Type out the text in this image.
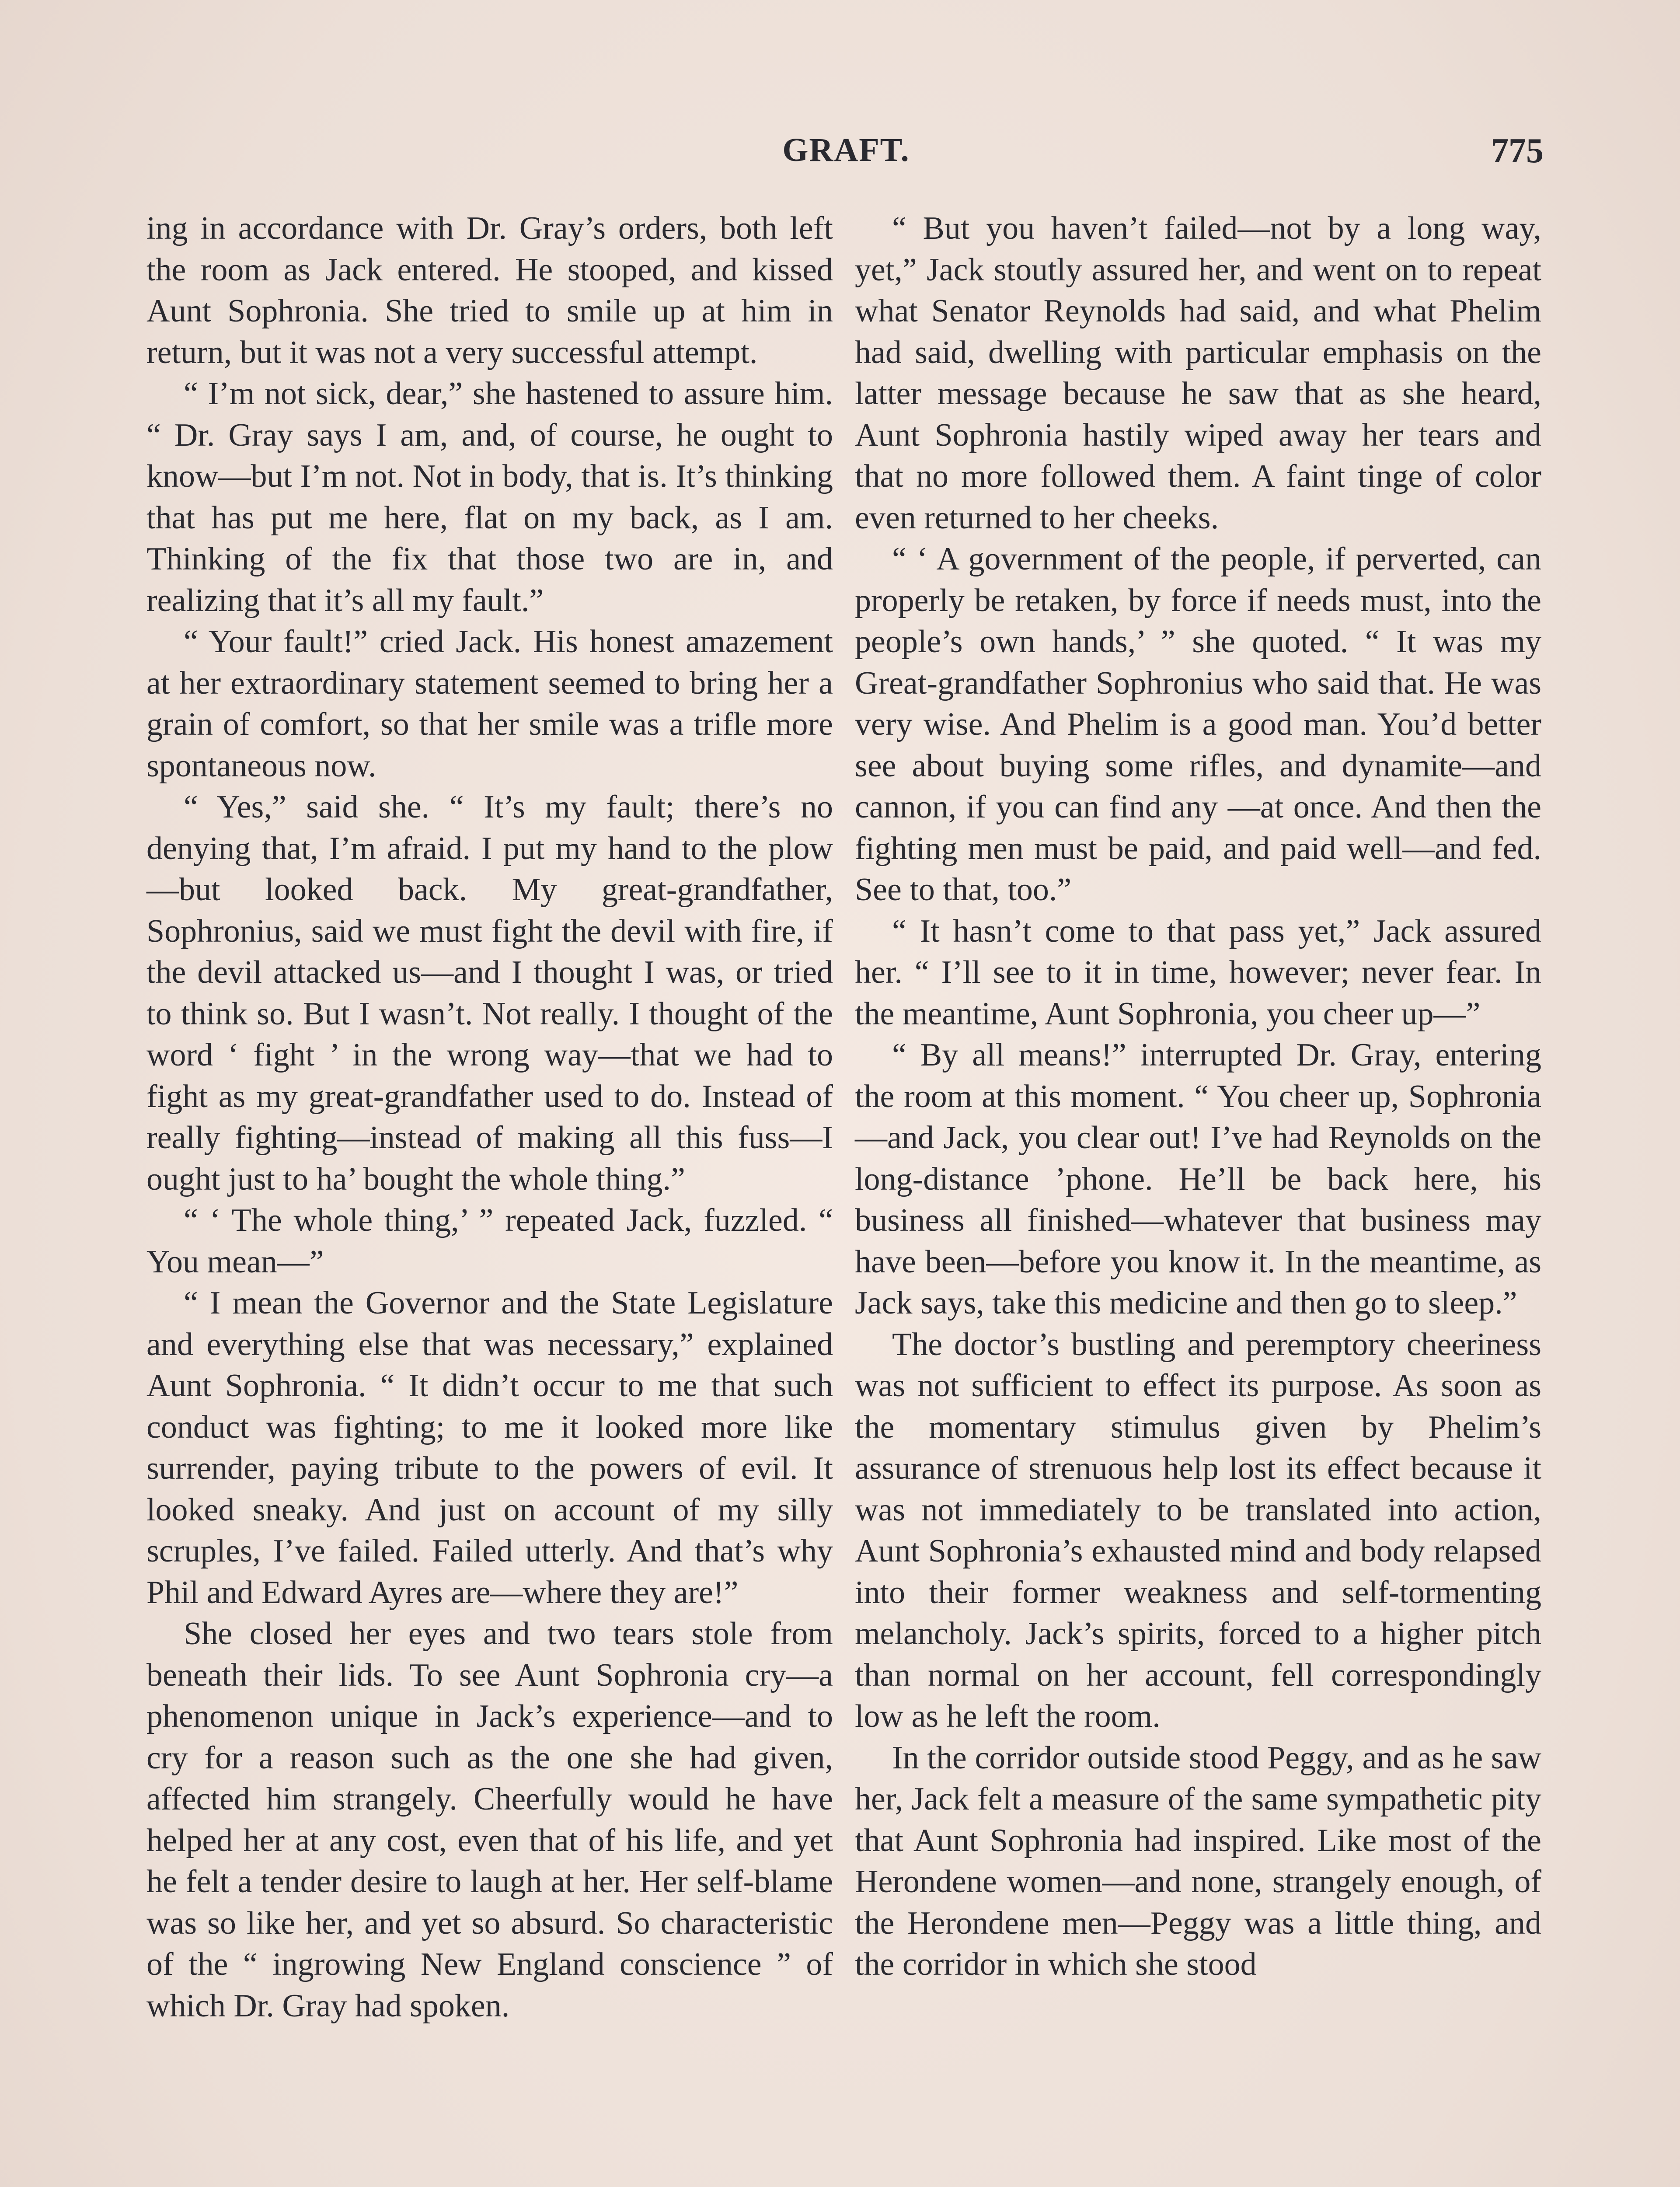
GRAFT.	775

ing in accordance with Dr. Gray’s orders, both left the room as Jack entered. He stooped, and kissed Aunt Sophronia. She tried to smile up at him in return, but it was not a very successful attempt.

“ I’m not sick, dear,” she hastened to assure him. “ Dr. Gray says I am, and, of course, he ought to know—but I’m not. Not in body, that is. It’s thinking that has put me here, flat on my back, as I am. Thinking of the fix that those two are in, and realizing that it’s all my fault.”

“ Your fault!” cried Jack. His honest amazement at her extraordinary statement seemed to bring her a grain of comfort, so that her smile was a trifle more spontaneous now.

“ Yes,” said she. “ It’s my fault; there’s no denying that, I’m afraid. I put my hand to the plow—but looked back. My great-grandfather, Sophronius, said we must fight the devil with fire, if the devil attacked us—and I thought I was, or tried to think so. But I wasn’t. Not really. I thought of the word ‘ fight ’ in the wrong way—that we had to fight as my great-grandfather used to do. Instead of really fighting—instead of making all this fuss—I ought just to ha’ bought the whole thing.”

“ ‘ The whole thing,’ ” repeated Jack, fuzzled. “ You mean—”

“ I mean the Governor and the State Legislature and everything else that was necessary,” explained Aunt Sophronia. “ It didn’t occur to me that such conduct was fighting; to me it looked more like surrender, paying tribute to the powers of evil. It looked sneaky. And just on account of my silly scruples, I’ve failed. Failed utterly. And that’s why Phil and Edward Ayres are—where they are!”

She closed her eyes and two tears stole from beneath their lids. To see Aunt Sophronia cry—a phenomenon unique in Jack’s experience—and to cry for a reason such as the one she had given, affected him strangely. Cheerfully would he have helped her at any cost, even that of his life, and yet he felt a tender desire to laugh at her. Her self-blame was so like her, and yet so absurd. So characteristic of the “ ingrowing New England conscience ” of which Dr. Gray had spoken.

“ But you haven’t failed—not by a long way, yet,” Jack stoutly assured her, and went on to repeat what Senator Reynolds had said, and what Phelim had said, dwelling with particular emphasis on the latter message because he saw that as she heard, Aunt Sophronia hastily wiped away her tears and that no more followed them. A faint tinge of color even returned to her cheeks.

“ ‘ A government of the people, if perverted, can properly be retaken, by force if needs must, into the people’s own hands,’ ” she quoted. “ It was my Great-grandfather Sophronius who said that. He was very wise. And Phelim is a good man. You’d better see about buying some rifles, and dynamite—and cannon, if you can find any —at once. And then the fighting men must be paid, and paid well—and fed. See to that, too.”

“ It hasn’t come to that pass yet,” Jack assured her. “ I’ll see to it in time, however; never fear. In the meantime, Aunt Sophronia, you cheer up—”

“ By all means!” interrupted Dr. Gray, entering the room at this moment. “ You cheer up, Sophronia—and Jack, you clear out! I’ve had Reynolds on the long-distance ’phone. He’ll be back here, his business all finished—whatever that business may have been—before you know it. In the meantime, as Jack says, take this medicine and then go to sleep.”

The doctor’s bustling and peremptory cheeriness was not sufficient to effect its purpose. As soon as the momentary stimulus given by Phelim’s assurance of strenuous help lost its effect because it was not immediately to be translated into action, Aunt Sophronia’s exhausted mind and body relapsed into their former weakness and self-tormenting melancholy. Jack’s spirits, forced to a higher pitch than normal on her account, fell correspondingly low as he left the room.

In the corridor outside stood Peggy, and as he saw her, Jack felt a measure of the same sympathetic pity that Aunt Sophronia had inspired. Like most of the Herondene women—and none, strangely enough, of the Herondene men—Peggy was a little thing, and the corridor in which she stood
